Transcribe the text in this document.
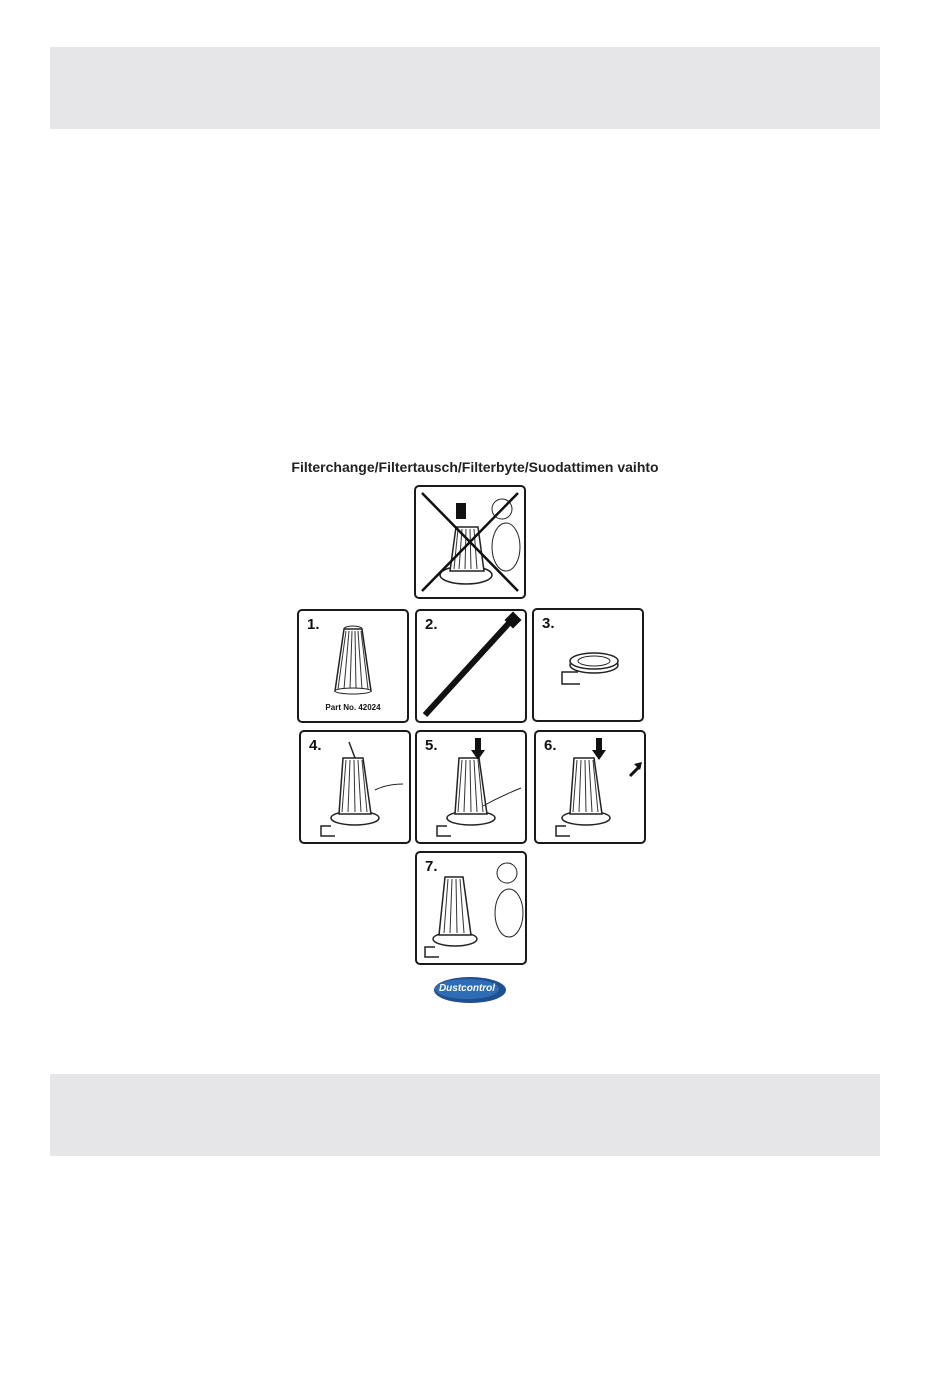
Filterchange/Filtertausch/Filterbyte/Suodattimen vaihto
1.
Part No. 42024
2.	3.
4.	5.	6.
7.
Dustcontrol
